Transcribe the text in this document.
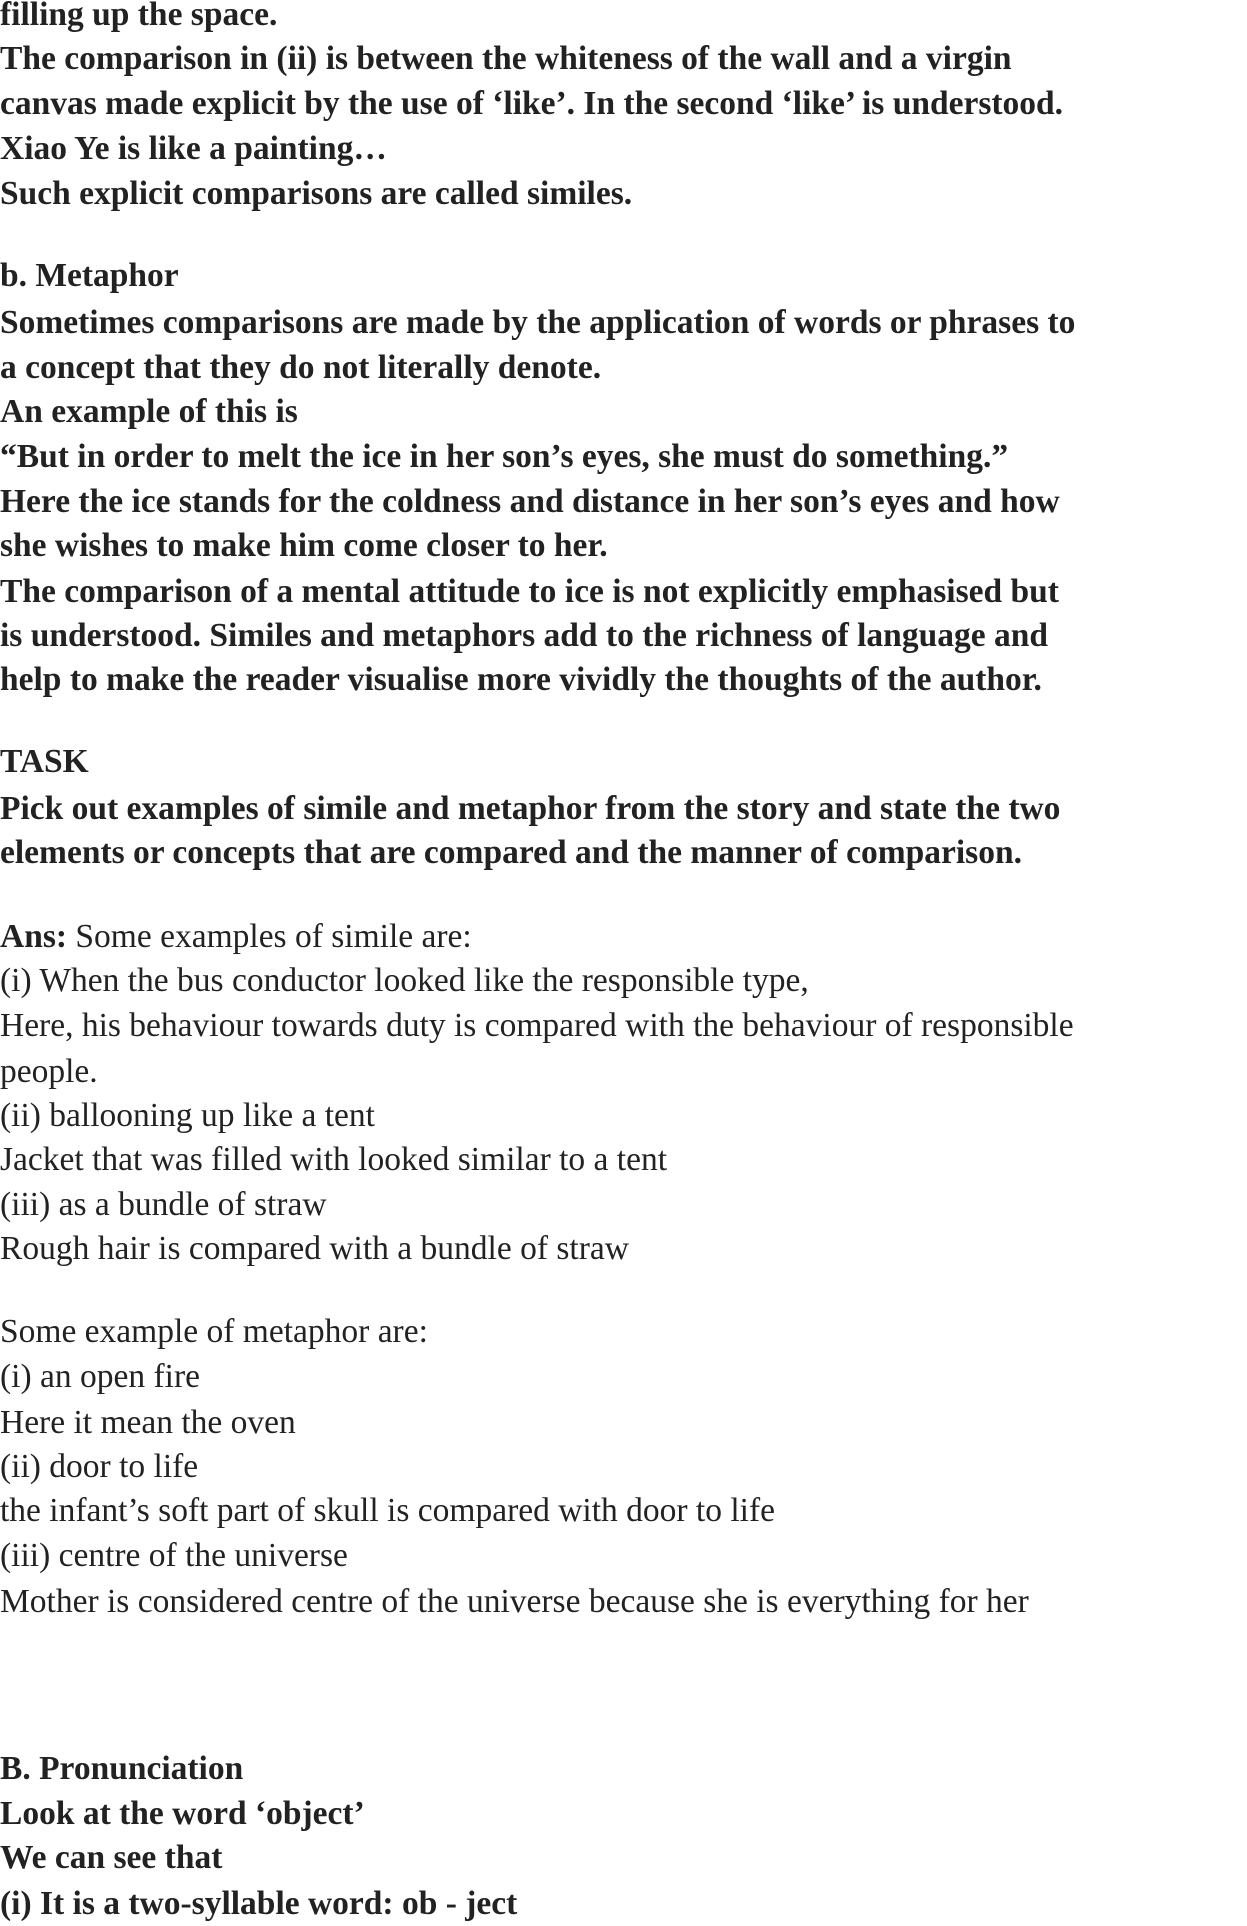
filling up the space.
The comparison in (ii) is between the whiteness of the wall and a virgin
canvas made explicit by the use of ‘like’. In the second ‘like’ is understood.
Xiao Ye is like a painting…
Such explicit comparisons are called similes.
b. Metaphor
Sometimes comparisons are made by the application of words or phrases to
a concept that they do not literally denote.
An example of this is
“But in order to melt the ice in her son’s eyes, she must do something.”
Here the ice stands for the coldness and distance in her son’s eyes and how
she wishes to make him come closer to her.
The comparison of a mental attitude to ice is not explicitly emphasised but
is understood. Similes and metaphors add to the richness of language and
help to make the reader visualise more vividly the thoughts of the author.
TASK
Pick out examples of simile and metaphor from the story and state the two
elements or concepts that are compared and the manner of comparison.
Ans: Some examples of simile are:
(i) When the bus conductor looked like the responsible type,
Here, his behaviour towards duty is compared with the behaviour of responsible
people.
(ii) ballooning up like a tent
Jacket that was filled with looked similar to a tent
(iii) as a bundle of straw
Rough hair is compared with a bundle of straw
Some example of metaphor are:
(i) an open fire
Here it mean the oven
(ii) door to life
the infant’s soft part of skull is compared with door to life
(iii) centre of the universe
Mother is considered centre of the universe because she is everything for her
B. Pronunciation
Look at the word ‘object’
We can see that
(i) It is a two-syllable word: ob - ject
